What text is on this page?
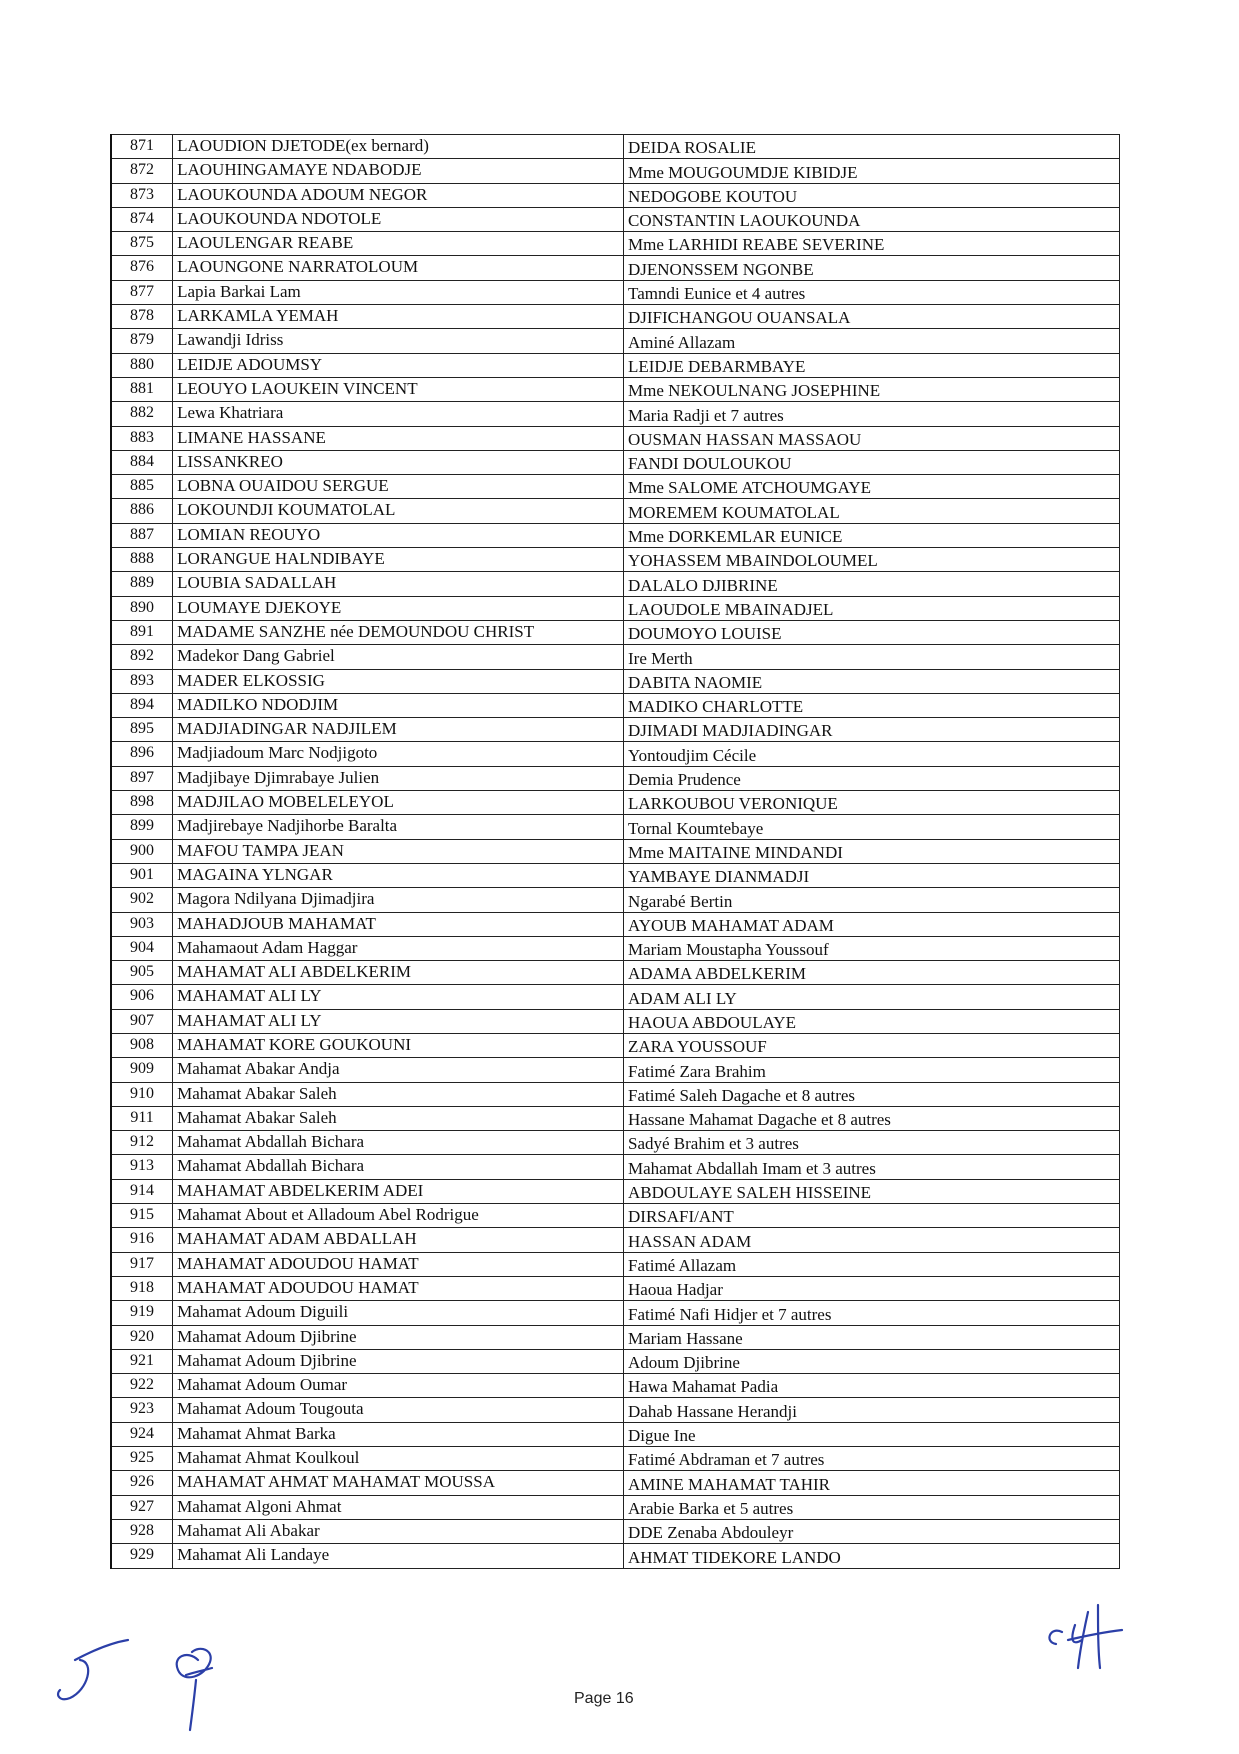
871	LAOUDION DJETODE(ex bernard)	DEIDA ROSALIE
872	LAOUHINGAMAYE NDABODJE	Mme MOUGOUMDJE KIBIDJE
873	LAOUKOUNDA ADOUM NEGOR	NEDOGOBE KOUTOU
874	LAOUKOUNDA NDOTOLE	CONSTANTIN LAOUKOUNDA
875	LAOULENGAR REABE	Mme LARHIDI REABE SEVERINE
876	LAOUNGONE NARRATOLOUM	DJENONSSEM NGONBE
877	Lapia Barkai Lam	Tamndi Eunice et 4 autres
878	LARKAMLA YEMAH	DJIFICHANGOU OUANSALA
879	Lawandji Idriss	Aminé Allazam
880	LEIDJE ADOUMSY	LEIDJE DEBARMBAYE
881	LEOUYO LAOUKEIN VINCENT	Mme NEKOULNANG JOSEPHINE
882	Lewa Khatriara	Maria Radji et 7 autres
883	LIMANE HASSANE	OUSMAN HASSAN MASSAOU
884	LISSANKREO	FANDI DOULOUKOU
885	LOBNA OUAIDOU SERGUE	Mme SALOME ATCHOUMGAYE
886	LOKOUNDJI KOUMATOLAL	MOREMEM KOUMATOLAL
887	LOMIAN REOUYO	Mme DORKEMLAR EUNICE
888	LORANGUE HALNDIBAYE	YOHASSEM MBAINDOLOUMEL
889	LOUBIA SADALLAH	DALALO DJIBRINE
890	LOUMAYE DJEKOYE	LAOUDOLE MBAINADJEL
891	MADAME SANZHE née DEMOUNDOU CHRIST	DOUMOYO LOUISE
892	Madekor Dang Gabriel	Ire Merth
893	MADER ELKOSSIG	DABITA NAOMIE
894	MADILKO NDODJIM	MADIKO CHARLOTTE
895	MADJIADINGAR NADJILEM	DJIMADI MADJIADINGAR
896	Madjiadoum Marc Nodjigoto	Yontoudjim Cécile
897	Madjibaye Djimrabaye Julien	Demia Prudence
898	MADJILAO MOBELELEYOL	LARKOUBOU VERONIQUE
899	Madjirebaye Nadjihorbe Baralta	Tornal Koumtebaye
900	MAFOU TAMPA JEAN	Mme MAITAINE MINDANDI
901	MAGAINA YLNGAR	YAMBAYE DIANMADJI
902	Magora Ndilyana Djimadjira	Ngarabé Bertin
903	MAHADJOUB MAHAMAT	AYOUB MAHAMAT ADAM
904	Mahamaout Adam Haggar	Mariam Moustapha Youssouf
905	MAHAMAT ALI ABDELKERIM	ADAMA ABDELKERIM
906	MAHAMAT ALI LY	ADAM ALI LY
907	MAHAMAT ALI LY	HAOUA ABDOULAYE
908	MAHAMAT KORE GOUKOUNI	ZARA YOUSSOUF
909	Mahamat Abakar Andja	Fatimé Zara Brahim
910	Mahamat Abakar Saleh	Fatimé Saleh Dagache et 8 autres
911	Mahamat Abakar Saleh	Hassane Mahamat Dagache et 8 autres
912	Mahamat Abdallah Bichara	Sadyé Brahim et 3 autres
913	Mahamat Abdallah Bichara	Mahamat Abdallah Imam et 3 autres
914	MAHAMAT ABDELKERIM ADEI	ABDOULAYE SALEH HISSEINE
915	Mahamat About et Alladoum Abel Rodrigue	DIRSAFI/ANT
916	MAHAMAT ADAM ABDALLAH	HASSAN ADAM
917	MAHAMAT ADOUDOU HAMAT	Fatimé Allazam
918	MAHAMAT ADOUDOU HAMAT	Haoua Hadjar
919	Mahamat Adoum Diguili	Fatimé Nafi Hidjer et 7 autres
920	Mahamat Adoum Djibrine	Mariam Hassane
921	Mahamat Adoum Djibrine	Adoum Djibrine
922	Mahamat Adoum Oumar	Hawa Mahamat Padia
923	Mahamat Adoum Tougouta	Dahab Hassane Herandji
924	Mahamat Ahmat Barka	Digue Ine
925	Mahamat Ahmat Koulkoul	Fatimé Abdraman et 7 autres
926	MAHAMAT AHMAT MAHAMAT MOUSSA	AMINE MAHAMAT TAHIR
927	Mahamat Algoni Ahmat	Arabie Barka et 5 autres
928	Mahamat Ali Abakar	DDE Zenaba Abdouleyr
929	Mahamat Ali Landaye	AHMAT TIDEKORE LANDO
Page 16
